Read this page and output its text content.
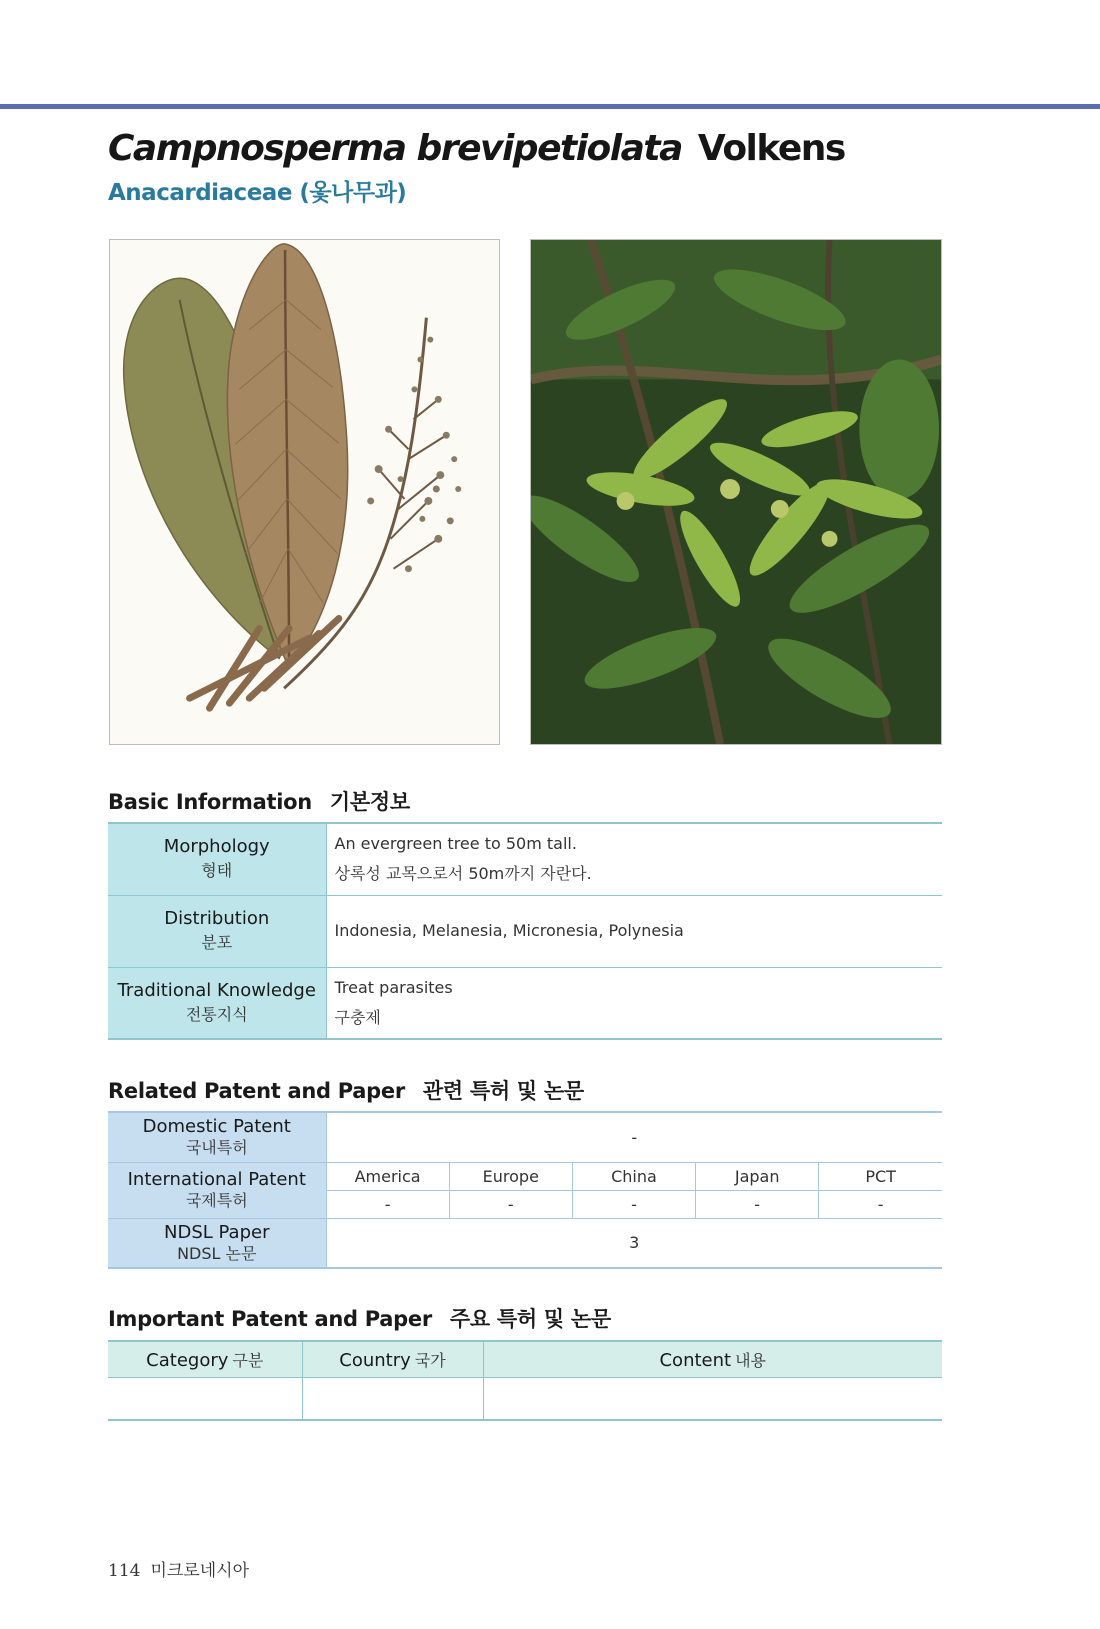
Campnosperma brevipetiolata Volkens
Anacardiaceae (옻나무과)
Basic Information 기본정보
Morphology
형태	An evergreen tree to 50m tall.
상록성 교목으로서 50m까지 자란다.

Distribution
분포	Indonesia, Melanesia, Micronesia, Polynesia

Traditional Knowledge
전통지식	Treat parasites
구충제
Related Patent and Paper 관련 특허 및 논문
Domestic Patent
국내특허	-				
International Patent
국제특허	America	Europe	China	Japan	PCT
	-	-	-	-	-
NDSL Paper
NDSL 논문	3				
Important Patent and Paper 주요 특허 및 논문
Category 구분	Country 국가	Content 내용

114 미크로네시아
